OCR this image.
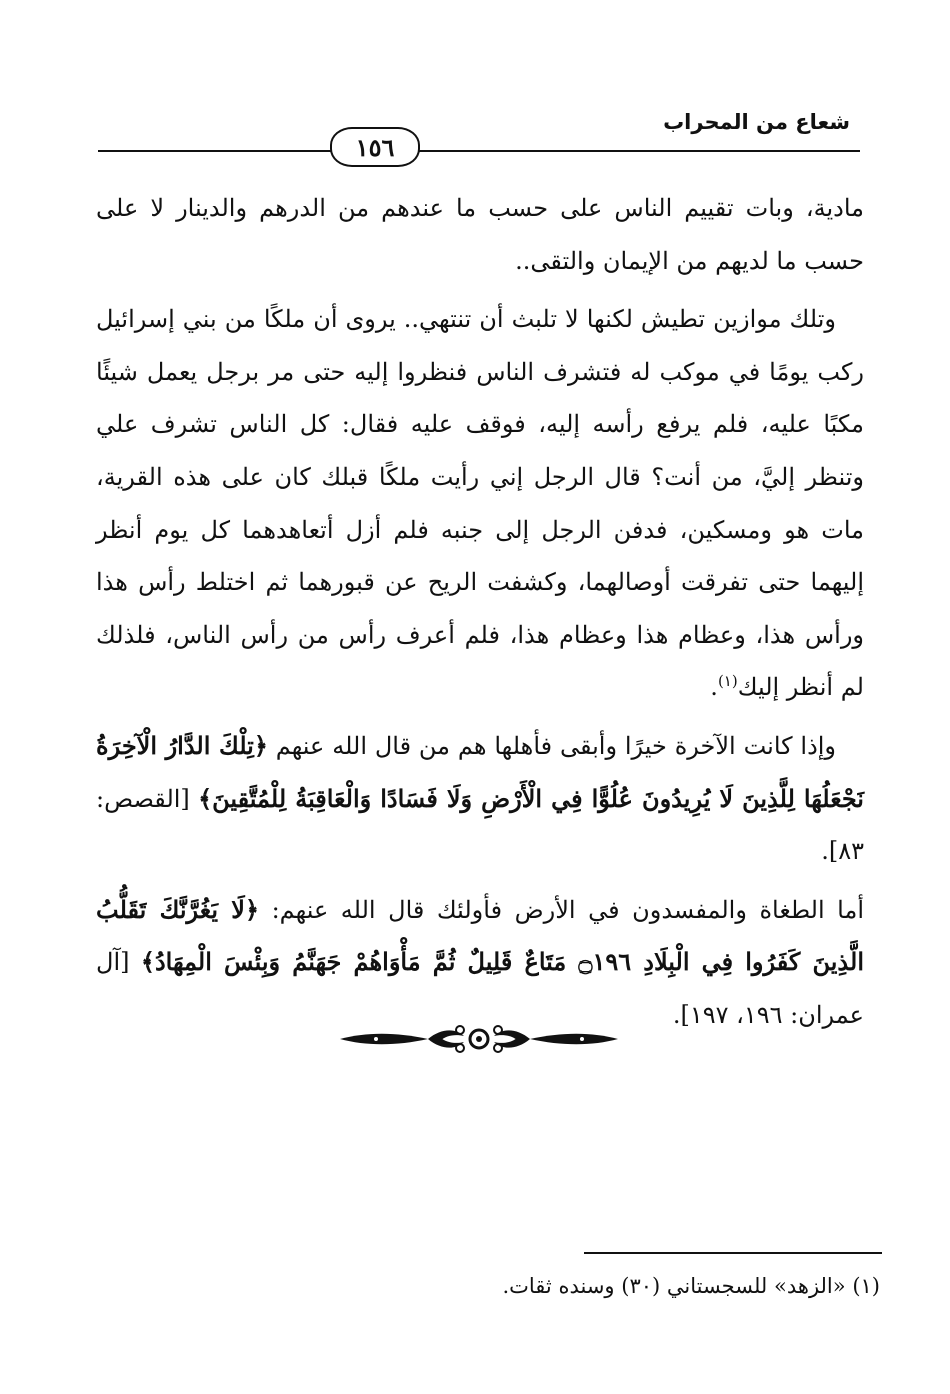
شعاع من المحراب
١٥٦

مادية، وبات تقييم الناس على حسب ما عندهم من الدرهم والدينار لا على حسب ما لديهم من الإيمان والتقى..

وتلك موازين تطيش لكنها لا تلبث أن تنتهي.. يروى أن ملكًا من بني إسرائيل ركب يومًا في موكب له فتشرف الناس فنظروا إليه حتى مر برجل يعمل شيئًا مكبًا عليه، فلم يرفع رأسه إليه، فوقف عليه فقال: كل الناس تشرف علي وتنظر إليَّ، من أنت؟ قال الرجل إني رأيت ملكًا قبلك كان على هذه القرية، مات هو ومسكين، فدفن الرجل إلى جنبه فلم أزل أتعاهدهما كل يوم أنظر إليهما حتى تفرقت أوصالهما، وكشفت الريح عن قبورهما ثم اختلط رأس هذا ورأس هذا، وعظام هذا وعظام هذا، فلم أعرف رأس من رأس الناس، فلذلك لم أنظر إليك$^{(١)}$.

وإذا كانت الآخرة خيرًا وأبقى فأهلها هم من قال الله عنهم ﴿تِلْكَ الدَّارُ الْآخِرَةُ نَجْعَلُهَا لِلَّذِينَ لَا يُرِيدُونَ عُلُوًّا فِي الْأَرْضِ وَلَا فَسَادًا وَالْعَاقِبَةُ لِلْمُتَّقِينَ﴾ [القصص: ٨٣].

أما الطغاة والمفسدون في الأرض فأولئك قال الله عنهم: ﴿لَا يَغُرَّنَّكَ تَقَلُّبُ الَّذِينَ كَفَرُوا فِي الْبِلَادِ ۝١٩٦ مَتَاعٌ قَلِيلٌ ثُمَّ مَأْوَاهُمْ جَهَنَّمُ وَبِئْسَ الْمِهَادُ﴾ [آل عمران: ١٩٦، ١٩٧].

(١) «الزهد» للسجستاني (٣٠) وسنده ثقات.
